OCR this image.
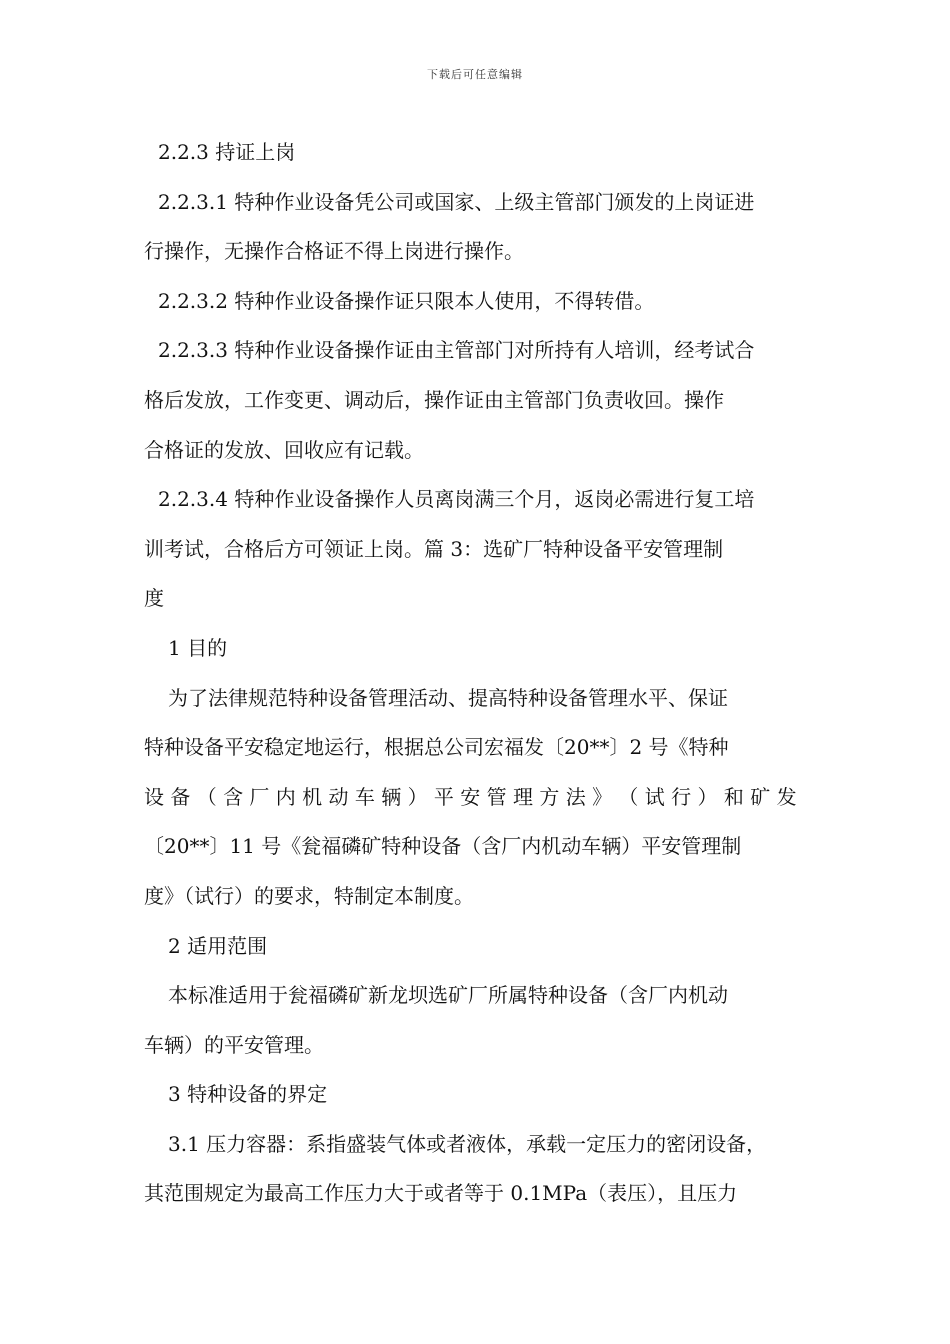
下载后可任意编辑

2.2.3 持证上岗

2.2.3.1 特种作业设备凭公司或国家、上级主管部门颁发的上岗证进

行操作，无操作合格证不得上岗进行操作。

2.2.3.2 特种作业设备操作证只限本人使用，不得转借。

2.2.3.3 特种作业设备操作证由主管部门对所持有人培训，经考试合

格后发放，工作变更、调动后，操作证由主管部门负责收回。操作

合格证的发放、回收应有记载。

2.2.3.4 特种作业设备操作人员离岗满三个月，返岗必需进行复工培

训考试，合格后方可领证上岗。篇 3：选矿厂特种设备平安管理制

度

1 目的

为了法律规范特种设备管理活动、提高特种设备管理水平、保证

特种设备平安稳定地运行，根据总公司宏福发〔20**〕2 号《特种

设 备 （ 含 厂 内 机 动 车 辆 ） 平 安 管 理 方 法 》 （ 试 行 ） 和 矿 发

〔20**〕11 号《瓮福磷矿特种设备（含厂内机动车辆）平安管理制

度》（试行）的要求，特制定本制度。

2 适用范围

本标准适用于瓮福磷矿新龙坝选矿厂所属特种设备（含厂内机动

车辆）的平安管理。

3 特种设备的界定

3.1 压力容器：系指盛装气体或者液体，承载一定压力的密闭设备，

其范围规定为最高工作压力大于或者等于 0.1MPa（表压），且压力
